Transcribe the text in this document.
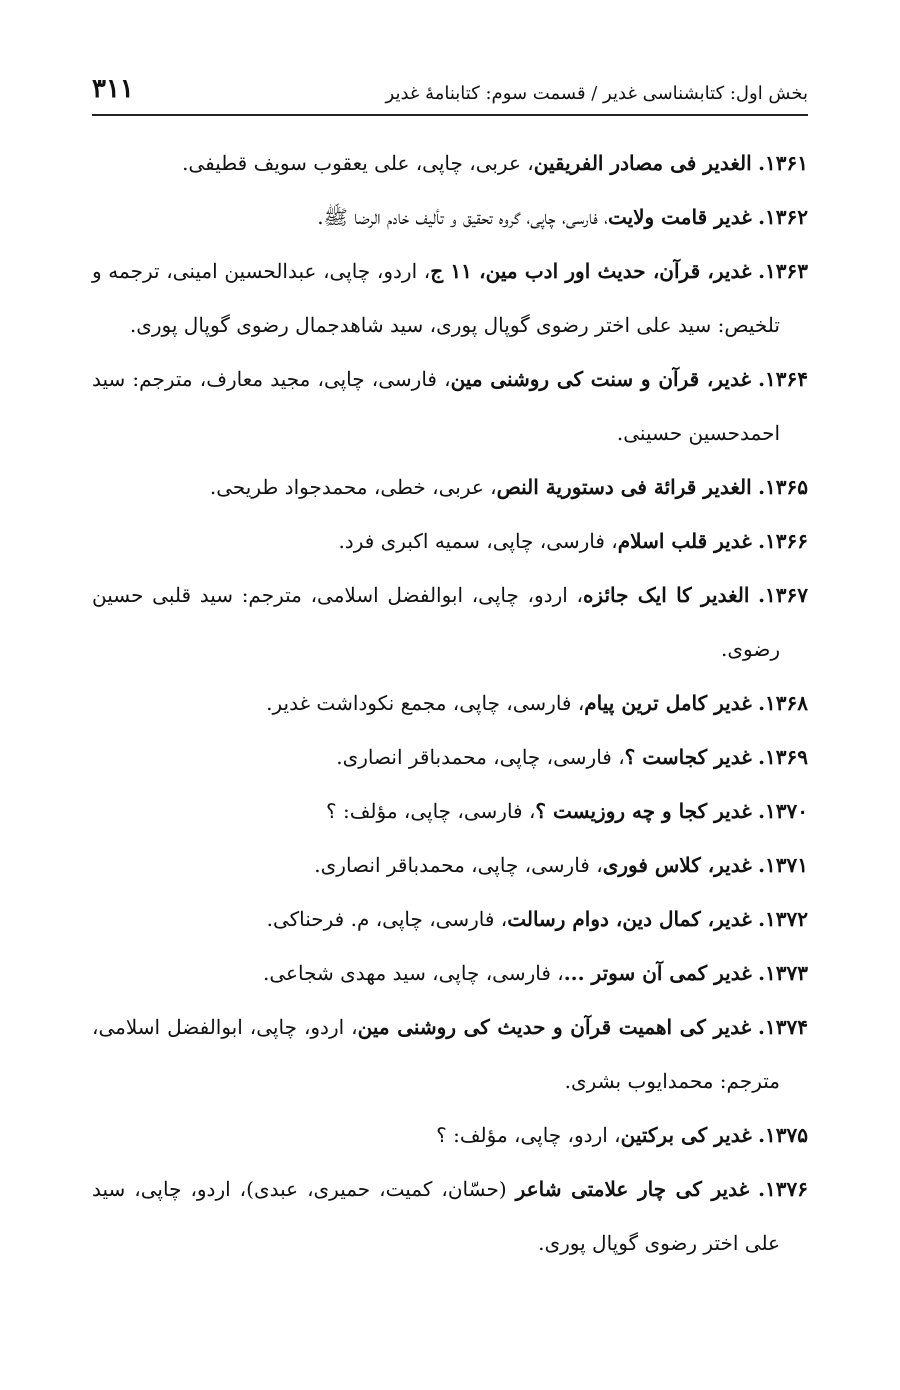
بخش اول: کتابشناسی غدیر / قسمت سوم: کتابنامهٔ غدیر
۳۱۱

۱۳۶۱. الغدیر فی مصادر الفریقین، عربی، چاپی، علی یعقوب سویف قطیفی.

۱۳۶۲. غدیر قامت ولایت، فارسی، چاپی، گروه تحقیق و تألیف خادم الرضا ﷺ.

۱۳۶۳. غدیر، قرآن، حدیث اور ادب مین، ۱۱ ج، اردو، چاپی، عبدالحسین امینی، ترجمه و تلخیص: سید علی اختر رضوی گوپال پوری، سید شاهدجمال رضوی گوپال پوری.

۱۳۶۴. غدیر، قرآن و سنت کی روشنی مین، فارسی، چاپی، مجید معارف، مترجم: سید احمدحسین حسینی.

۱۳۶۵. الغدیر قرائة فی دستوریة النص، عربی، خطی، محمدجواد طریحی.

۱۳۶۶. غدیر قلب اسلام، فارسی، چاپی، سمیه اکبری فرد.

۱۳۶۷. الغدیر کا ایک جائزه، اردو، چاپی، ابوالفضل اسلامی، مترجم: سید قلبی حسین رضوی.

۱۳۶۸. غدیر کامل ترین پیام، فارسی، چاپی، مجمع نکوداشت غدیر.

۱۳۶۹. غدیر کجاست ؟، فارسی، چاپی، محمدباقر انصاری.

۱۳۷۰. غدیر کجا و چه روزیست ؟، فارسی، چاپی، مؤلف: ؟

۱۳۷۱. غدیر، کلاس فوری، فارسی، چاپی، محمدباقر انصاری.

۱۳۷۲. غدیر، کمال دین، دوام رسالت، فارسی، چاپی، م. فرحناکی.

۱۳۷۳. غدیر کمی آن سوتر ...، فارسی، چاپی، سید مهدی شجاعی.

۱۳۷۴. غدیر کی اهمیت قرآن و حدیث کی روشنی مین، اردو، چاپی، ابوالفضل اسلامی، مترجم: محمدایوب بشری.

۱۳۷۵. غدیر کی برکتین، اردو، چاپی، مؤلف: ؟

۱۳۷۶. غدیر کی چار علامتی شاعر (حسّان، کمیت، حمیری، عبدی)، اردو، چاپی، سید علی اختر رضوی گوپال پوری.
